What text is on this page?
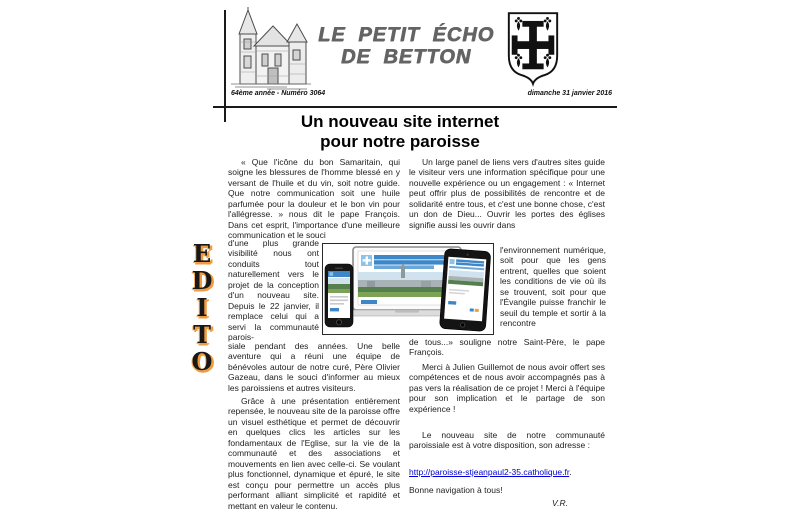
LE PETIT ÉCHO
DE BETTON
64ème année - Numéro 3064	dimanche 31 janvier 2016
Un nouveau site internet
pour notre paroisse
E
D
I
T
O
« Que l'icône du bon Samaritain, qui soigne les blessures de l'homme blessé en y versant de l'huile et du vin, soit notre guide. Que notre communication soit une huile parfumée pour la douleur et le bon vin pour l'allégresse. » nous dit le pape François. Dans cet esprit, l'importance d'une meilleure communication et le souci
d'une plus grande visibilité nous ont conduits tout naturellement vers le projet de la conception d'un nouveau site. Depuis le 22 janvier, il remplace celui qui a servi la communauté parois-
siale pendant des années. Une belle aventure qui a réuni une équipe de bénévoles autour de notre curé, Père Olivier Gazeau, dans le souci d'informer au mieux les paroissiens et autres visiteurs.
Grâce à une présentation entièrement repensée, le nouveau site de la paroisse offre un visuel esthétique et permet de découvrir en quelques clics les articles sur les fondamentaux de l'Eglise, sur la vie de la communauté et des associations et mouvements en lien avec celle-ci. Se voulant plus fonctionnel, dynamique et épuré, le site est conçu pour permettre un accès plus performant alliant simplicité et rapidité et mettant en valeur le contenu.
Un large panel de liens vers d'autres sites guide le visiteur vers une information spécifique pour une nouvelle expérience ou un engagement : « Internet peut offrir plus de possibilités de rencontre et de solidarité entre tous, et c'est une bonne chose, c'est un don de Dieu... Ouvrir les portes des églises signifie aussi les ouvrir dans
l'environnement numérique, soit pour que les gens entrent, quelles que soient les conditions de vie où ils se trouvent, soit pour que l'Évangile puisse franchir le seuil du temple et sortir à la rencontre
de tous...» souligne notre Saint-Père, le pape François.
Merci à Julien Guillemot de nous avoir offert ses compétences et de nous avoir accompagnés pas à pas vers la réalisation de ce projet ! Merci à l'équipe pour son implication et le partage de son expérience !
Le nouveau site de notre communauté paroissiale est à votre disposition, son adresse :
http://paroisse-stjeanpaul2-35.catholique.fr.
Bonne navigation à tous!
V.R.
